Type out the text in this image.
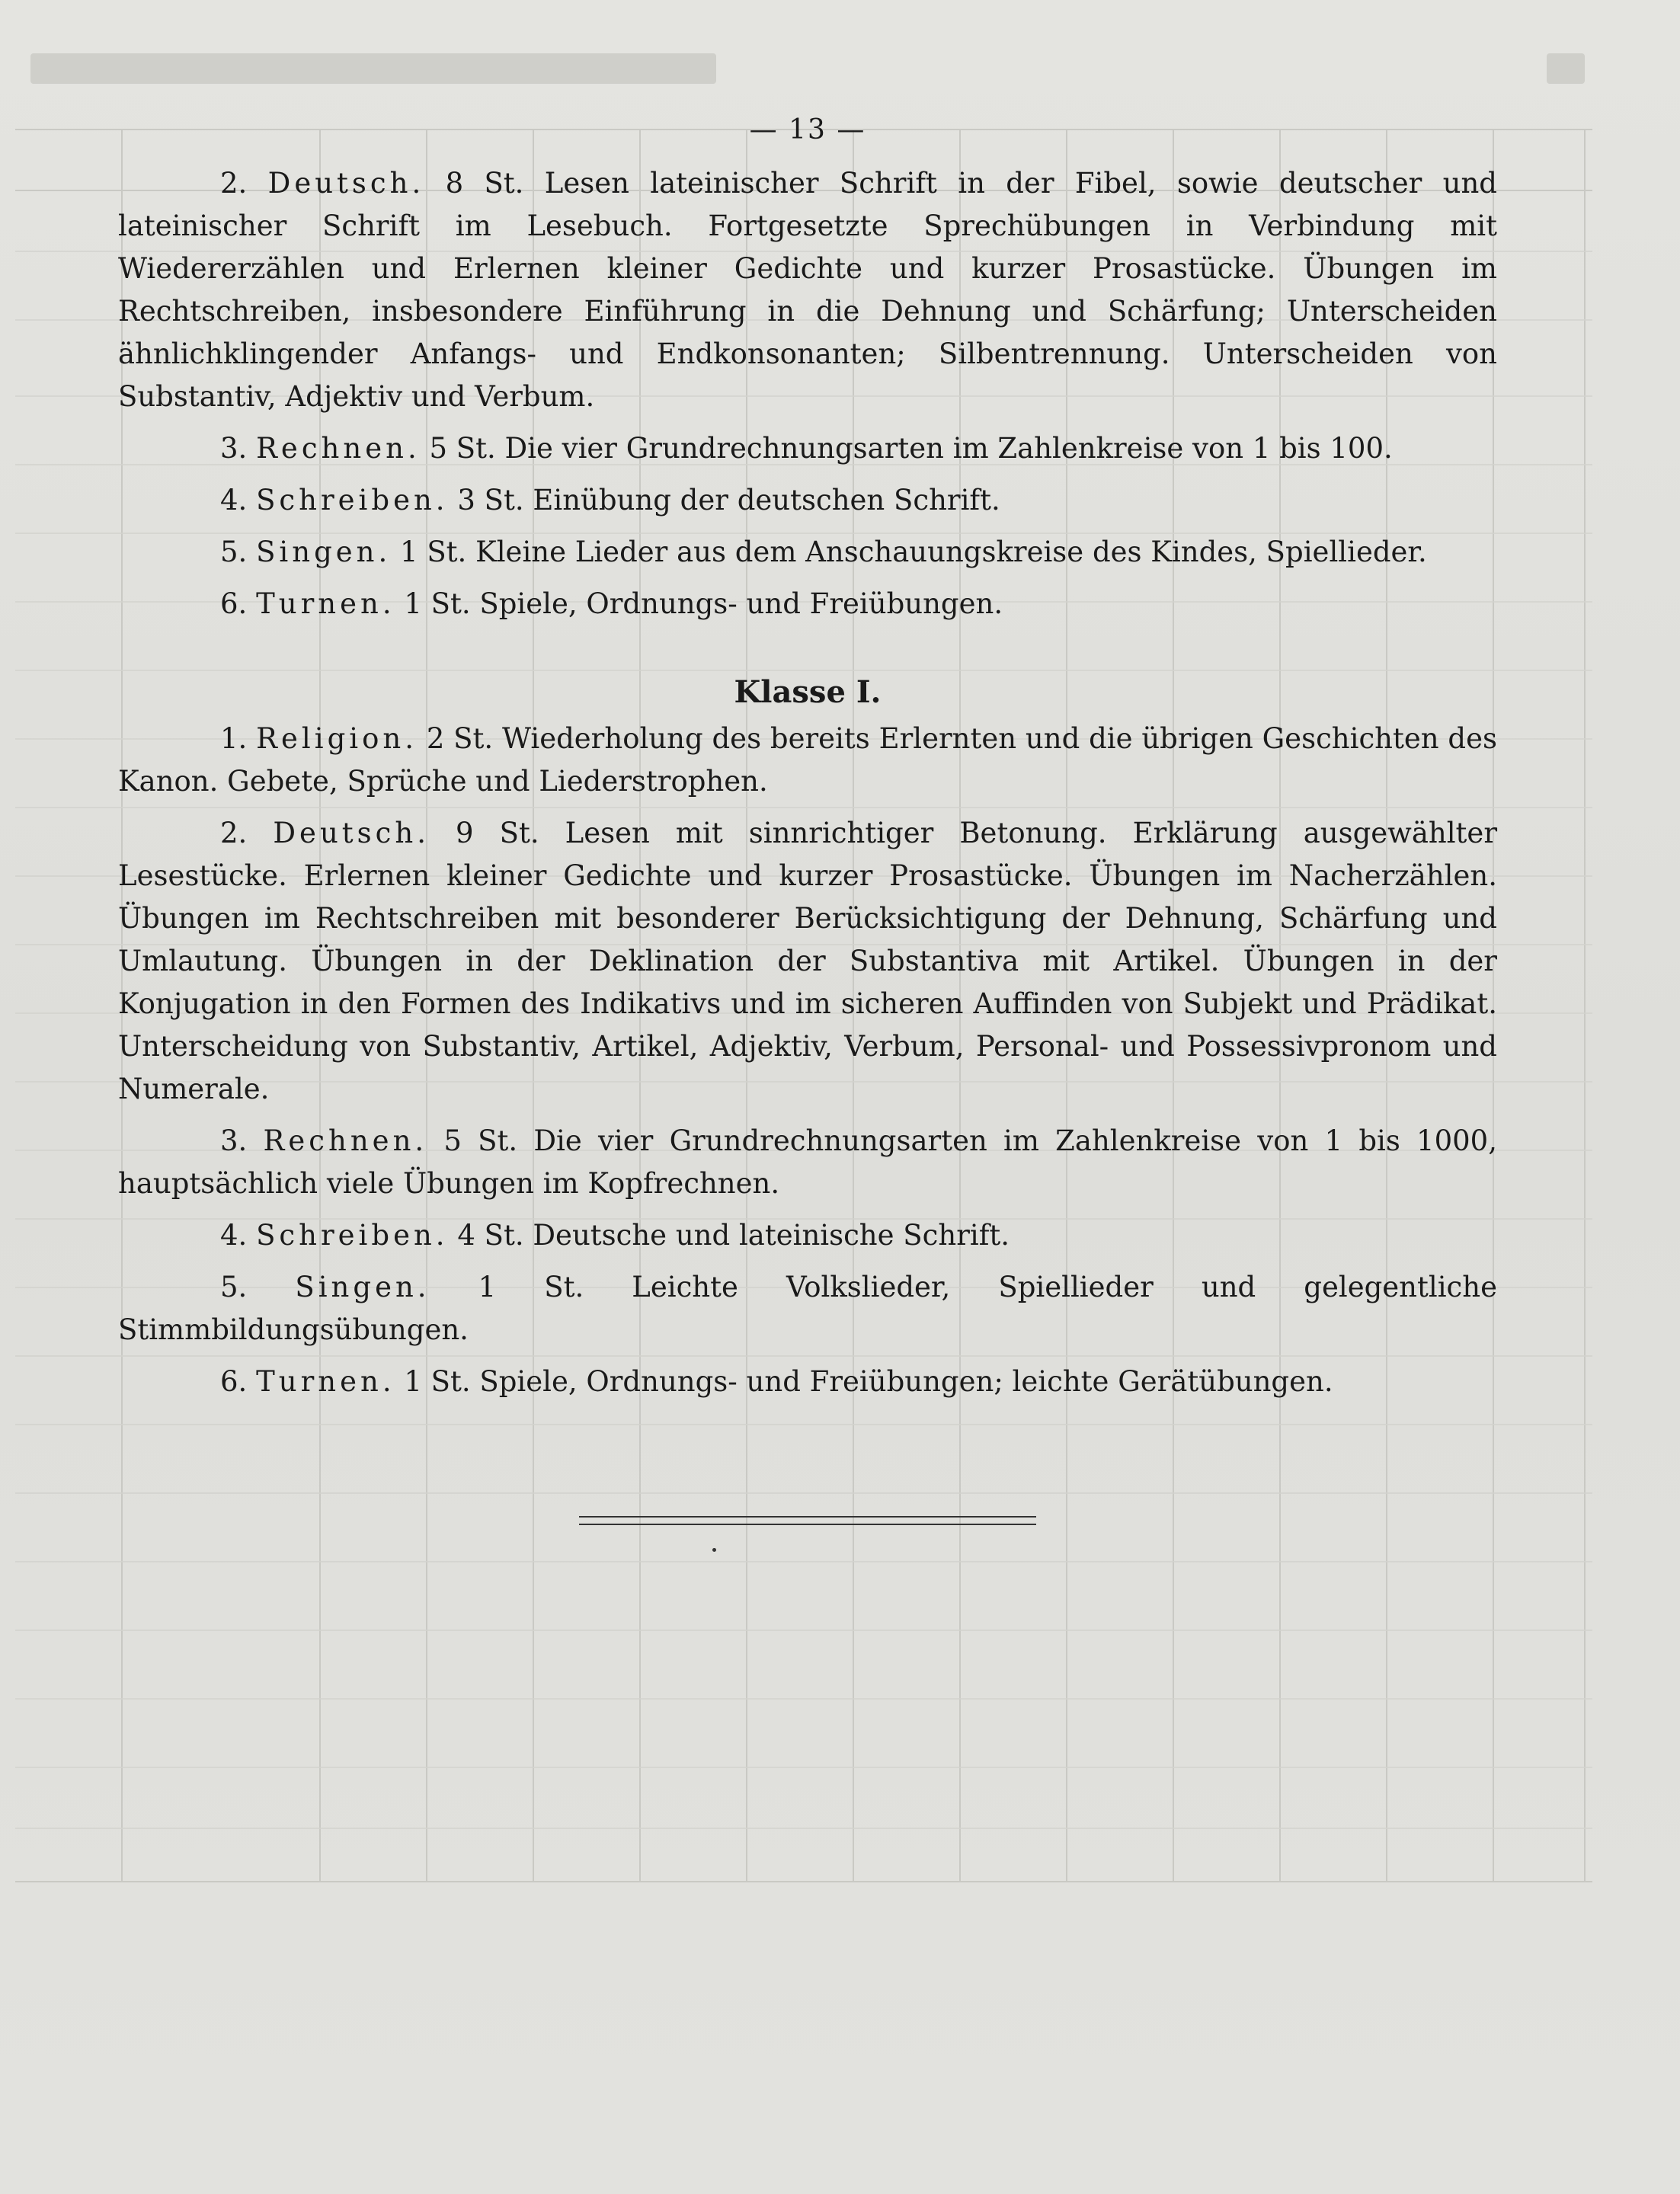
— 13 —

2. Deutsch. 8 St. Lesen lateinischer Schrift in der Fibel, sowie deutscher und lateinischer Schrift im Lesebuch. Fortgesetzte Sprechübungen in Verbindung mit Wiedererzählen und Erlernen kleiner Gedichte und kurzer Prosastücke. Übungen im Rechtschreiben, insbesondere Einführung in die Dehnung und Schärfung; Unterscheiden ähnlichklingender Anfangs- und Endkonsonanten; Silbentrennung. Unterscheiden von Substantiv, Adjektiv und Verbum.

3. Rechnen. 5 St. Die vier Grundrechnungsarten im Zahlenkreise von 1 bis 100.

4. Schreiben. 3 St. Einübung der deutschen Schrift.

5. Singen. 1 St. Kleine Lieder aus dem Anschauungskreise des Kindes, Spiellieder.

6. Turnen. 1 St. Spiele, Ordnungs- und Freiübungen.

Klasse I.

1. Religion. 2 St. Wiederholung des bereits Erlernten und die übrigen Geschichten des Kanon. Gebete, Sprüche und Liederstrophen.

2. Deutsch. 9 St. Lesen mit sinnrichtiger Betonung. Erklärung ausgewählter Lesestücke. Erlernen kleiner Gedichte und kurzer Prosastücke. Übungen im Nacherzählen. Übungen im Rechtschreiben mit besonderer Berücksichtigung der Dehnung, Schärfung und Umlautung. Übungen in der Deklination der Substantiva mit Artikel. Übungen in der Konjugation in den Formen des Indikativs und im sicheren Auffinden von Subjekt und Prädikat. Unterscheidung von Substantiv, Artikel, Adjektiv, Verbum, Personal- und Possessivpronom und Numerale.

3. Rechnen. 5 St. Die vier Grundrechnungsarten im Zahlenkreise von 1 bis 1000, hauptsächlich viele Übungen im Kopfrechnen.

4. Schreiben. 4 St. Deutsche und lateinische Schrift.

5. Singen. 1 St. Leichte Volkslieder, Spiellieder und gelegentliche Stimmbildungsübungen.

6. Turnen. 1 St. Spiele, Ordnungs- und Freiübungen; leichte Gerätübungen.
